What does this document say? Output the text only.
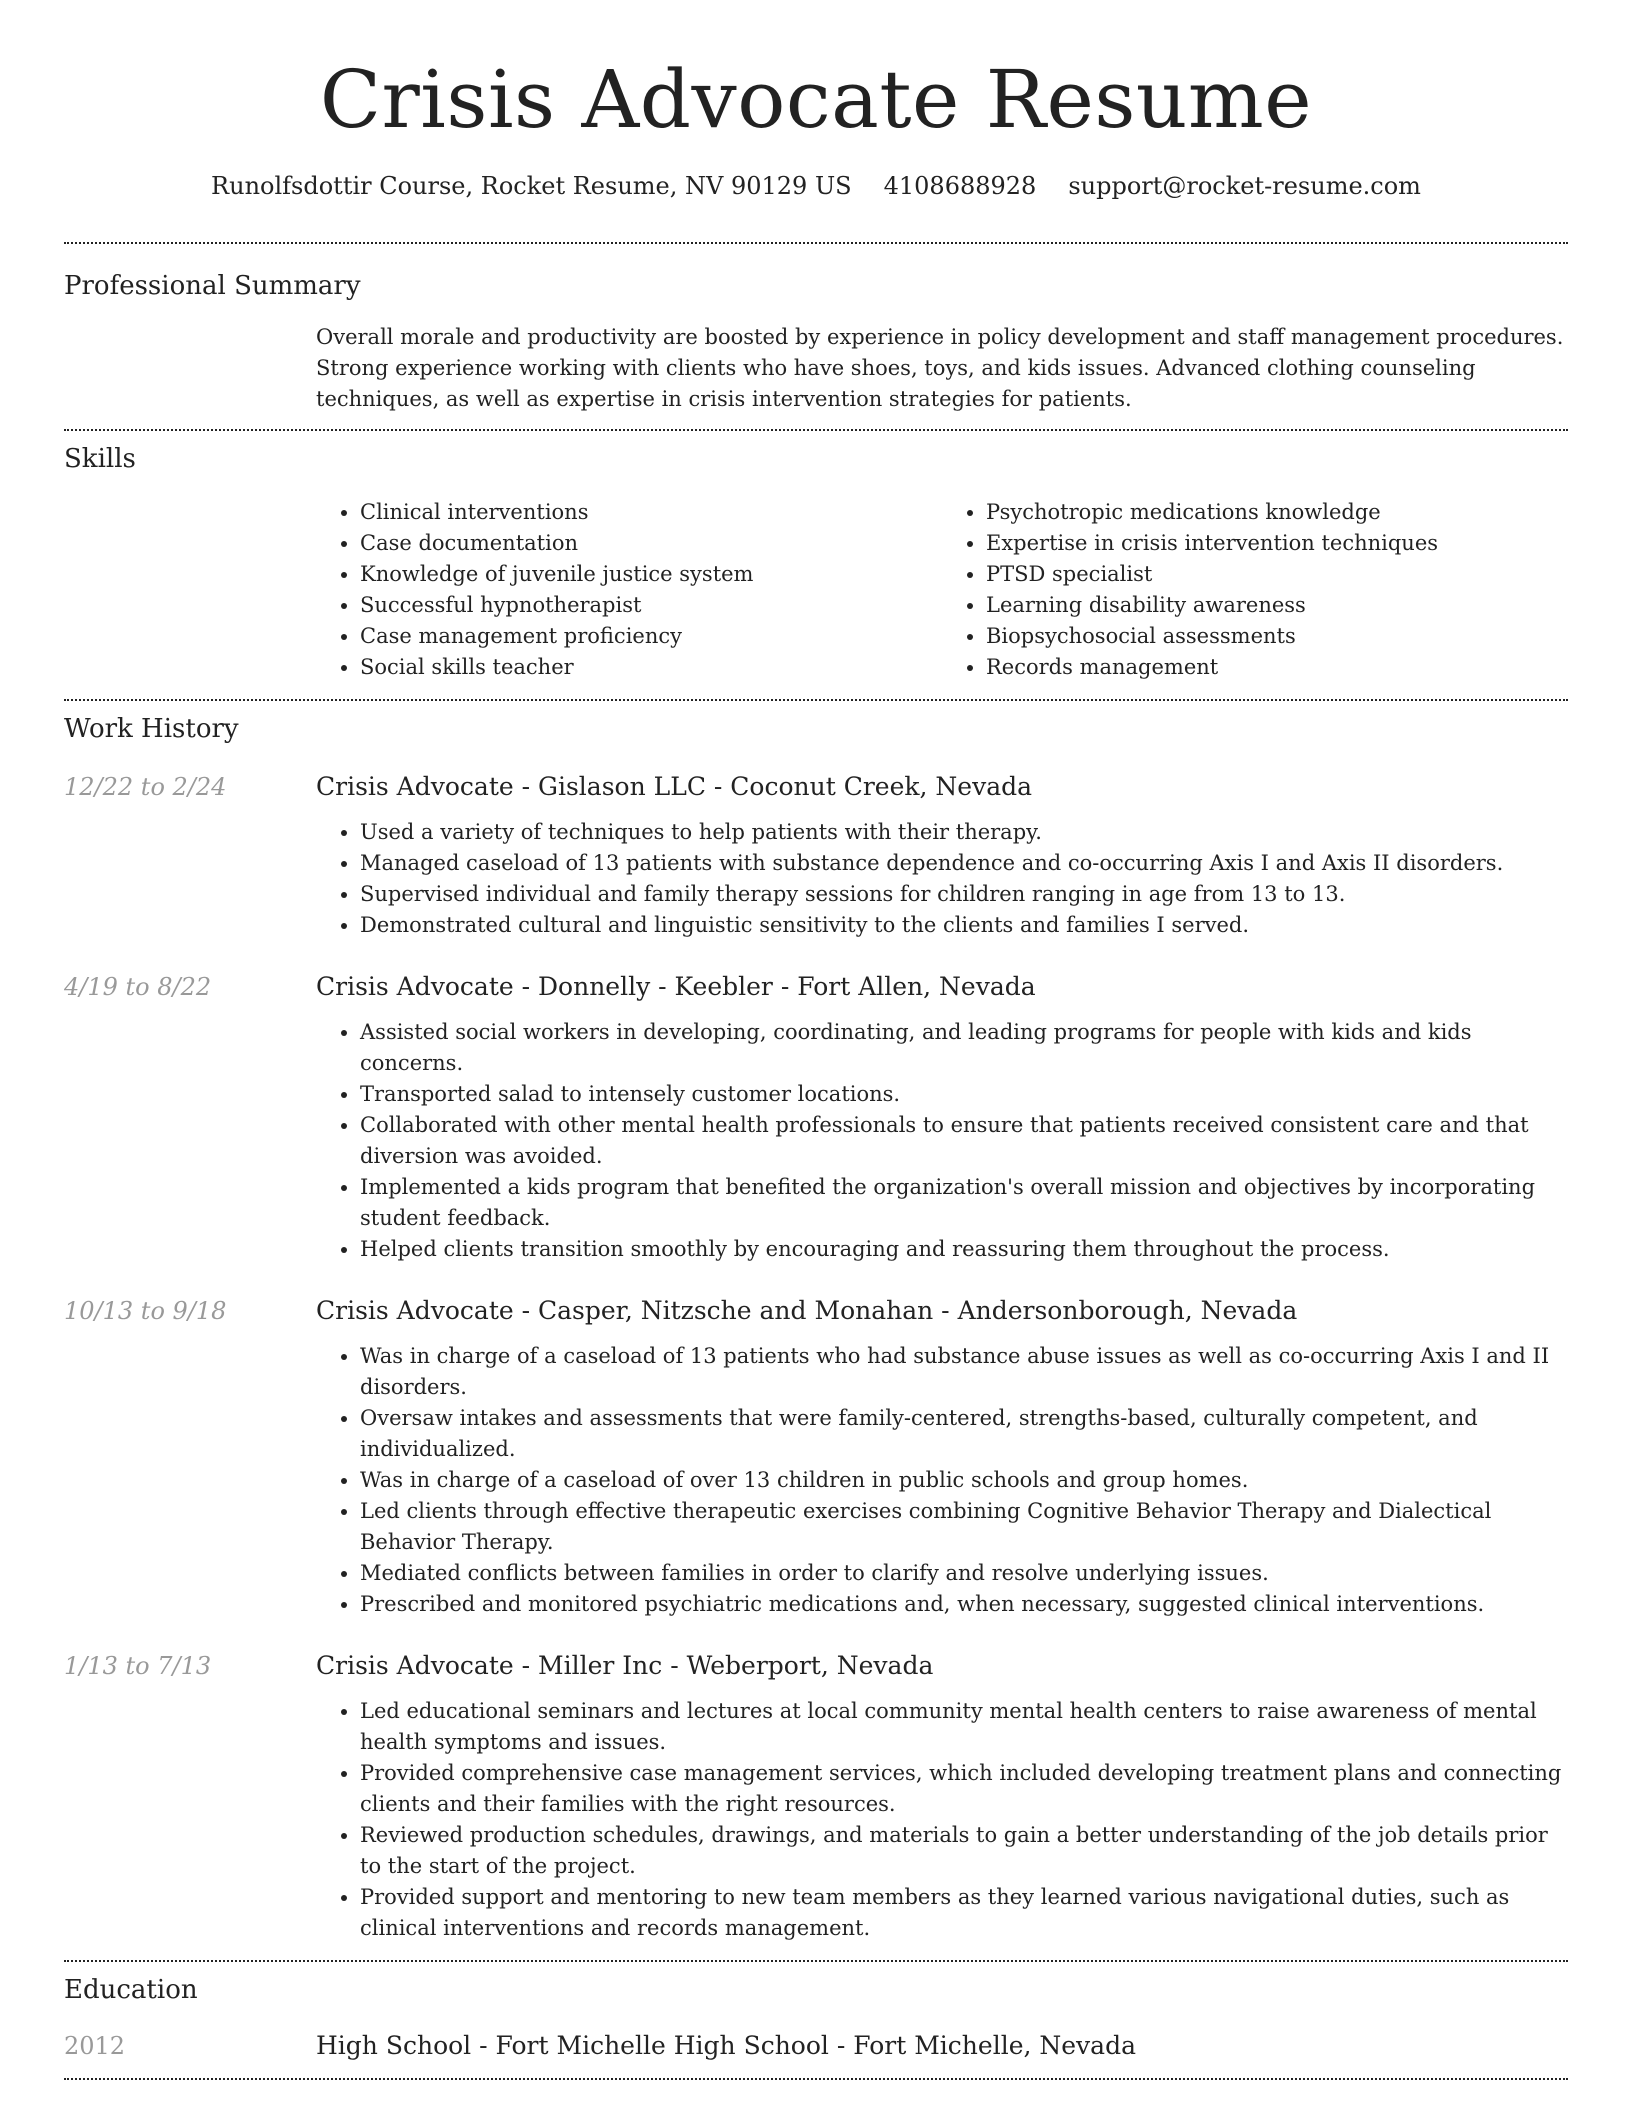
Crisis Advocate Resume
Runolfsdottir Course, Rocket Resume, NV 90129 US 4108688928 support@rocket-resume.com
Professional Summary

Overall morale and productivity are boosted by experience in policy development and staff management procedures. Strong experience working with clients who have shoes, toys, and kids issues. Advanced clothing counseling techniques, as well as expertise in crisis intervention strategies for patients.

Skills
• Clinical interventions
• Case documentation
• Knowledge of juvenile justice system
• Successful hypnotherapist
• Case management proficiency
• Social skills teacher
• Psychotropic medications knowledge
• Expertise in crisis intervention techniques
• PTSD specialist
• Learning disability awareness
• Biopsychosocial assessments
• Records management
Work History
12/22 to 2/24	Crisis Advocate - Gislason LLC - Coconut Creek, Nevada
• Used a variety of techniques to help patients with their therapy.
• Managed caseload of 13 patients with substance dependence and co-occurring Axis I and Axis II disorders.
• Supervised individual and family therapy sessions for children ranging in age from 13 to 13.
• Demonstrated cultural and linguistic sensitivity to the clients and families I served.
4/19 to 8/22	Crisis Advocate - Donnelly - Keebler - Fort Allen, Nevada
• Assisted social workers in developing, coordinating, and leading programs for people with kids and kids concerns.
• Transported salad to intensely customer locations.
• Collaborated with other mental health professionals to ensure that patients received consistent care and that diversion was avoided.
• Implemented a kids program that benefited the organization's overall mission and objectives by incorporating student feedback.
• Helped clients transition smoothly by encouraging and reassuring them throughout the process.
10/13 to 9/18	Crisis Advocate - Casper, Nitzsche and Monahan - Andersonborough, Nevada
• Was in charge of a caseload of 13 patients who had substance abuse issues as well as co-occurring Axis I and II disorders.
• Oversaw intakes and assessments that were family-centered, strengths-based, culturally competent, and individualized.
• Was in charge of a caseload of over 13 children in public schools and group homes.
• Led clients through effective therapeutic exercises combining Cognitive Behavior Therapy and Dialectical Behavior Therapy.
• Mediated conflicts between families in order to clarify and resolve underlying issues.
• Prescribed and monitored psychiatric medications and, when necessary, suggested clinical interventions.
1/13 to 7/13	Crisis Advocate - Miller Inc - Weberport, Nevada
• Led educational seminars and lectures at local community mental health centers to raise awareness of mental health symptoms and issues.
• Provided comprehensive case management services, which included developing treatment plans and connecting clients and their families with the right resources.
• Reviewed production schedules, drawings, and materials to gain a better understanding of the job details prior to the start of the project.
• Provided support and mentoring to new team members as they learned various navigational duties, such as clinical interventions and records management.
Education
2012	High School - Fort Michelle High School - Fort Michelle, Nevada
